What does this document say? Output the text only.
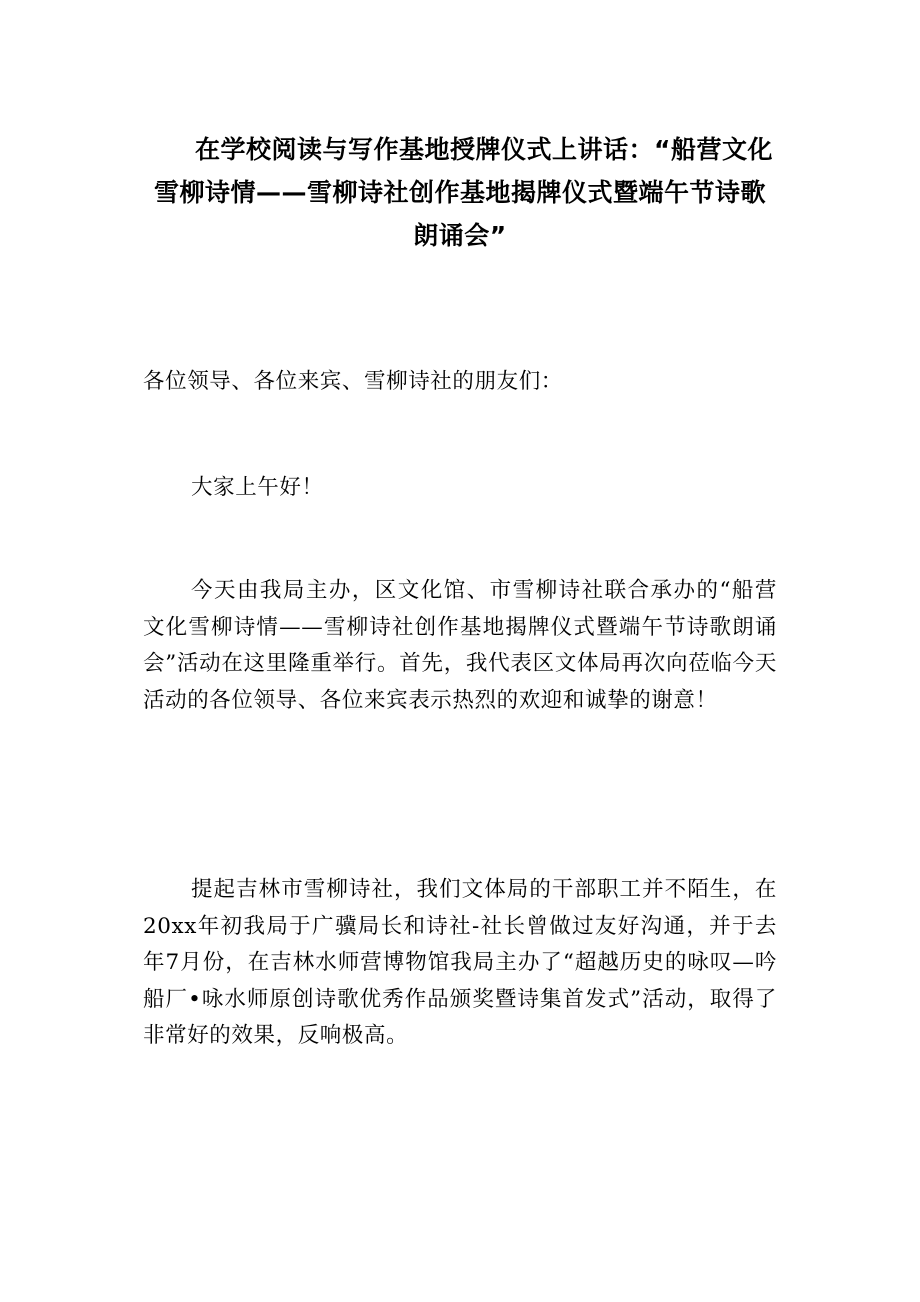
在学校阅读与写作基地授牌仪式上讲话：“船营文化雪柳诗情——雪柳诗社创作基地揭牌仪式暨端午节诗歌朗诵会”

各位领导、各位来宾、雪柳诗社的朋友们：

大家上午好！

今天由我局主办，区文化馆、市雪柳诗社联合承办的“船营文化雪柳诗情——雪柳诗社创作基地揭牌仪式暨端午节诗歌朗诵会”活动在这里隆重举行。首先，我代表区文体局再次向莅临今天活动的各位领导、各位来宾表示热烈的欢迎和诚挚的谢意！

提起吉林市雪柳诗社，我们文体局的干部职工并不陌生，在20xx年初我局于广骥局长和诗社-社长曾做过友好沟通，并于去年7月份，在吉林水师营博物馆我局主办了“超越历史的咏叹—吟船厂•咏水师原创诗歌优秀作品颁奖暨诗集首发式”活动，取得了非常好的效果，反响极高。
